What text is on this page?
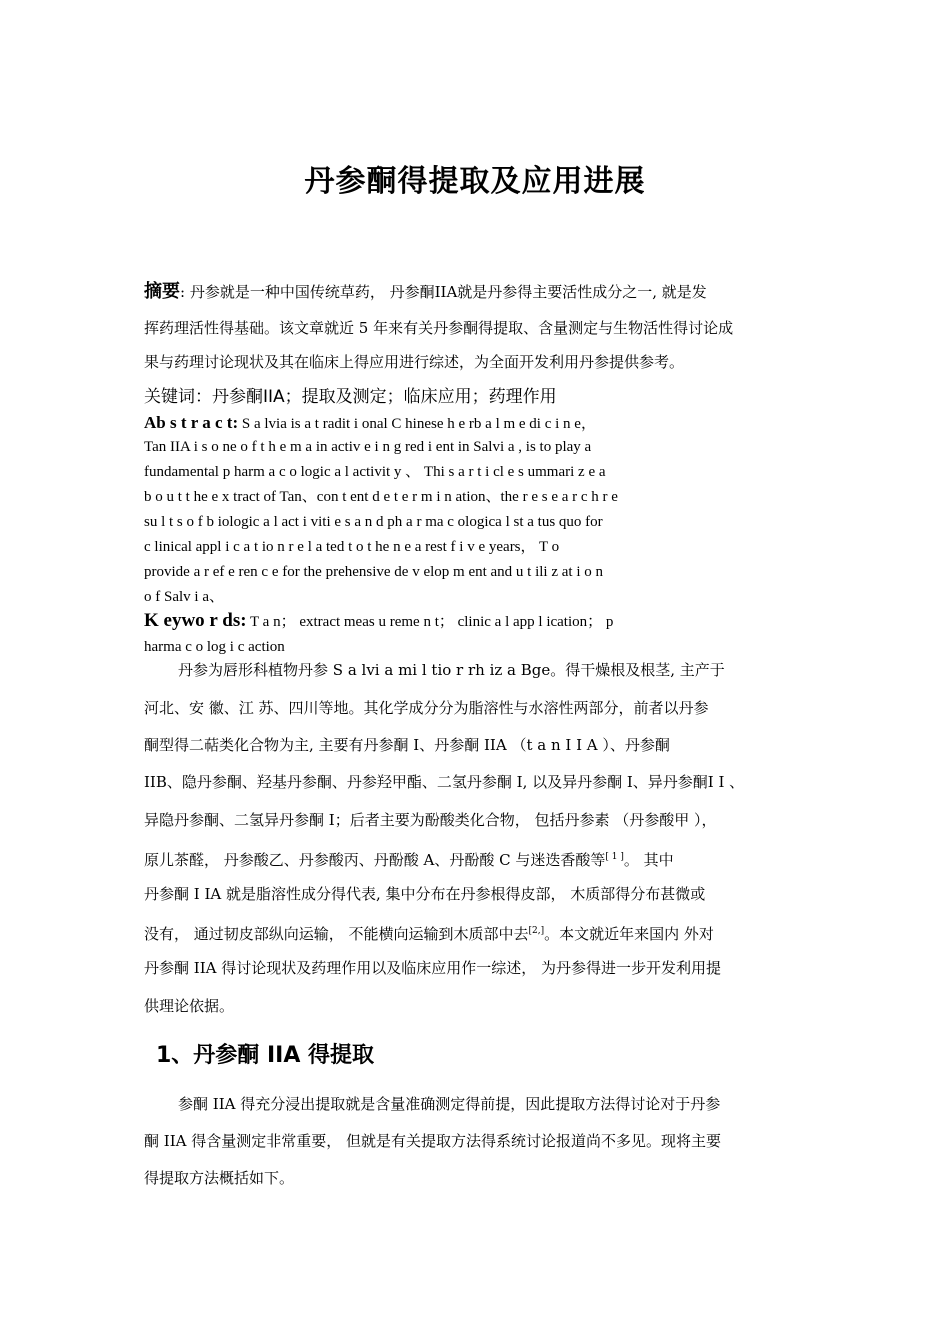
丹参酮得提取及应用进展
摘要: 丹参就是一种中国传统草药， 丹参酮IIA就是丹参得主要活性成分之一, 就是发
挥药理活性得基础。该文章就近 5 年来有关丹参酮得提取、含量测定与生物活性得讨论成
果与药理讨论现状及其在临床上得应用进行综述，为全面开发利用丹参提供参考。
关键词：丹参酮IIA；提取及测定；临床应用；药理作用
Ab s t r a c t: S a lvia is a t radit i onal C hinese h e rb a l m e di c i n e，
Tan IIA i s o ne o f t h e m a in activ e i n g red i ent in Salvi a , is to play a
fundamental p harm a c o logic a l activit y 、 Thi s a r t i cl e s ummari z e a
b o u t t he e x tract of Tan、con t ent d e t e r m i n ation、the r e s e a r c h r e
su l t s o f b iologic a l act i viti e s a n d ph a r ma c ologica l st a tus quo for
c linical appl i c a t io n r e l a ted t o t he n e a rest f i v e years， T o
provide a r ef e ren c e for the prehensive de v elop m ent and u t ili z at i o n
o f Salv i a、
K eywo r ds: T a n； extract meas u reme n t； clinic a l app l ication； p
harma c o log i c action
丹参为唇形科植物丹参 S a lvi a mi l tio r rh iz a Bge。得干燥根及根茎, 主产于
河北、安 徽、江 苏、四川等地。其化学成分分为脂溶性与水溶性两部分，前者以丹参
酮型得二萜类化合物为主, 主要有丹参酮 I、丹参酮 IIA （t a n I I A ）、丹参酮
IIB、隐丹参酮、羟基丹参酮、丹参羟甲酯、二氢丹参酮 I, 以及异丹参酮 I、异丹参酮I I 、
异隐丹参酮、二氢异丹参酮 I；后者主要为酚酸类化合物， 包括丹参素 （丹参酸甲 ），
原儿茶醛， 丹参酸乙、丹参酸丙、丹酚酸 A、丹酚酸 C 与迷迭香酸等[ 1 ]。 其中
丹参酮 I IA 就是脂溶性成分得代表, 集中分布在丹参根得皮部， 木质部得分布甚微或
没有， 通过韧皮部纵向运输， 不能横向运输到木质部中去[2,]。本文就近年来国内 外对
丹参酮 IIA 得讨论现状及药理作用以及临床应用作一综述， 为丹参得进一步开发利用提
供理论依据。
1、丹参酮 IIA 得提取
参酮 IIA 得充分浸出提取就是含量准确测定得前提，因此提取方法得讨论对于丹参
酮 IIA 得含量测定非常重要， 但就是有关提取方法得系统讨论报道尚不多见。现将主要
得提取方法概括如下。
